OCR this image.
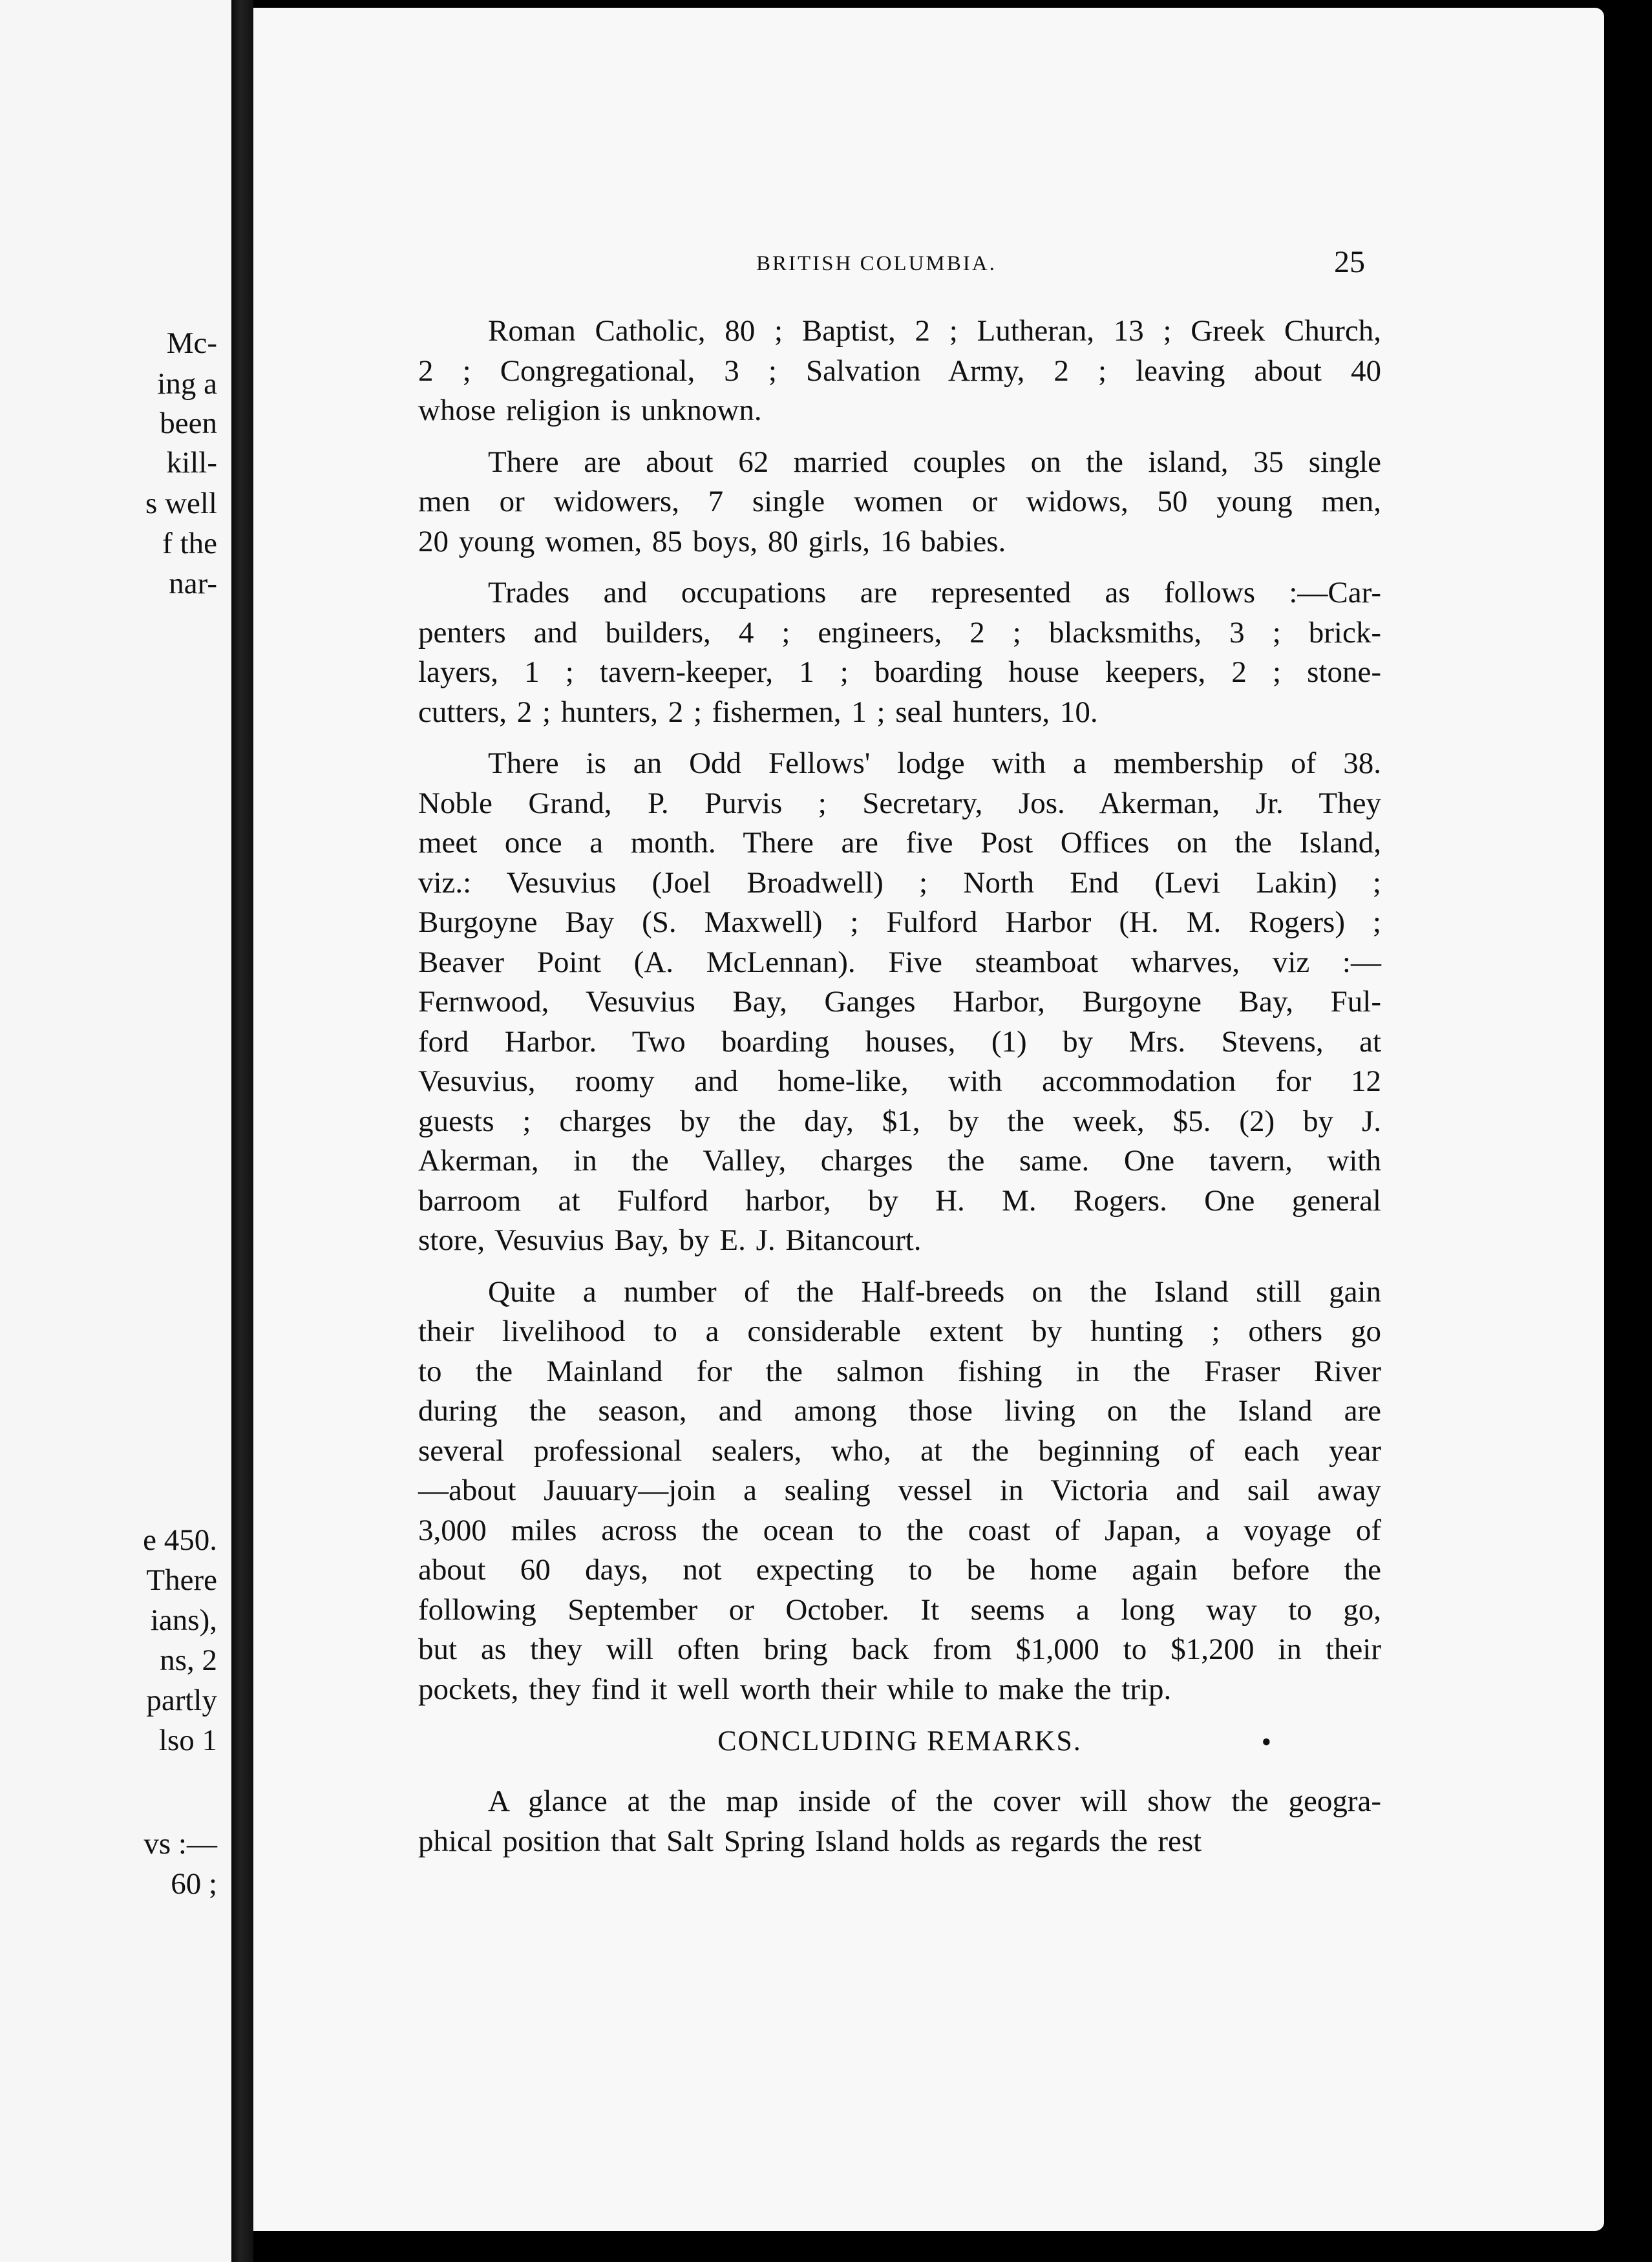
Mc-
ing a
been
kill-
s well
f the
nar-
e 450.
There
ians),
ns, 2
partly
lso 1
vs :—
60 ;
BRITISH COLUMBIA.	25

Roman Catholic, 80 ; Baptist, 2 ; Lutheran, 13 ; Greek Church,
2 ; Congregational, 3 ; Salvation Army, 2 ; leaving about 40
whose religion is unknown.

There are about 62 married couples on the island, 35 single
men or widowers, 7 single women or widows, 50 young men,
20 young women, 85 boys, 80 girls, 16 babies.

Trades and occupations are represented as follows :—Car-
penters and builders, 4 ; engineers, 2 ; blacksmiths, 3 ; brick-
layers, 1 ; tavern-keeper, 1 ; boarding house keepers, 2 ; stone-
cutters, 2 ; hunters, 2 ; fishermen, 1 ; seal hunters, 10.

There is an Odd Fellows' lodge with a membership of 38.
Noble Grand, P. Purvis ; Secretary, Jos. Akerman, Jr. They
meet once a month. There are five Post Offices on the Island,
viz.: Vesuvius (Joel Broadwell) ; North End (Levi Lakin) ;
Burgoyne Bay (S. Maxwell) ; Fulford Harbor (H. M. Rogers) ;
Beaver Point (A. McLennan). Five steamboat wharves, viz :—
Fernwood, Vesuvius Bay, Ganges Harbor, Burgoyne Bay, Ful-
ford Harbor. Two boarding houses, (1) by Mrs. Stevens, at
Vesuvius, roomy and home-like, with accommodation for 12
guests ; charges by the day, $1, by the week, $5. (2) by J.
Akerman, in the Valley, charges the same. One tavern, with
barroom at Fulford harbor, by H. M. Rogers. One general
store, Vesuvius Bay, by E. J. Bitancourt.

Quite a number of the Half-breeds on the Island still gain
their livelihood to a considerable extent by hunting ; others go
to the Mainland for the salmon fishing in the Fraser River
during the season, and among those living on the Island are
several professional sealers, who, at the beginning of each year
—about Jauuary—join a sealing vessel in Victoria and sail away
3,000 miles across the ocean to the coast of Japan, a voyage of
about 60 days, not expecting to be home again before the
following September or October. It seems a long way to go,
but as they will often bring back from $1,000 to $1,200 in their
pockets, they find it well worth their while to make the trip.

CONCLUDING REMARKS.	•

A glance at the map inside of the cover will show the geogra-
phical position that Salt Spring Island holds as regards the rest
